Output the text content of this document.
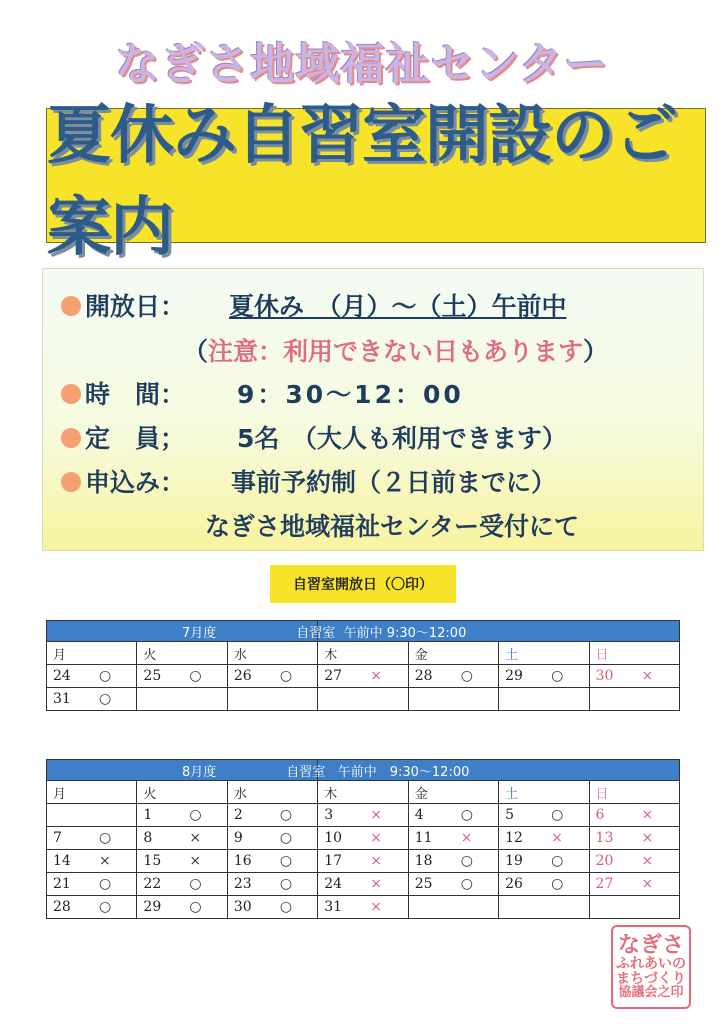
なぎさ地域福祉センター
夏休み自習室開設のご案内
開放日： 夏休み　（月）～（土）午前中
（注意：利用できない日もあります）
時　間： 9：30～12：00
定　員； 5名　（大人も利用できます）
申込み： 事前予約制（２日前までに）
なぎさ地域福祉センター受付にて
自習室開放日（〇印）
7月度 自習室 午前中 9:30～12:00						
月	火	水	木	金	土	日
24 ○	25 ○	26 ○	27 ×	28 ○	29 ○	30 ×
31 ○						
8月度 自習室 午前中　9:30～12:00						
月	火	水	木	金	土	日
	1 ○	2 ○	3 ×	4 ○	5 ○	6 ×
7 ○	8 ×	9 ○	10 ×	11 ×	12 ×	13 ×
14 ×	15 ×	16 ○	17 ×	18 ○	19 ○	20 ×
21 ○	22 ○	23 ○	24 ×	25 ○	26 ○	27 ×
28 ○	29 ○	30 ○	31 ×			
なぎさ
ふれあいの
まちづくり
協議会之印
